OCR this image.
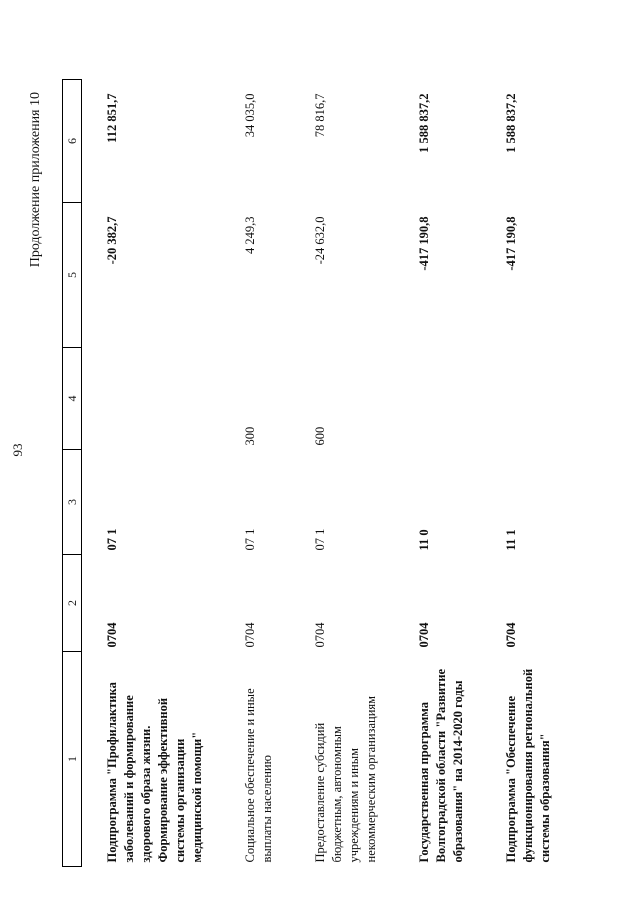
93
Продолжение приложения 10
1	2	3	4	5	6
Подпрограмма "Профилактика заболеваний и формирование здорового образа жизни. Формирование эффективной системы организации медицинской помощи"	0704	07 1		-20 382,7	112 851,7
Социальное обеспечение и иные выплаты населению	0704	07 1	300	4 249,3	34 035,0
Предоставление субсидий бюджетным, автономным учреждениям и иным некоммерческим организациям	0704	07 1	600	-24 632,0	78 816,7
Государственная программа Волгоградской области "Развитие образования" на 2014-2020 годы	0704	11 0		-417 190,8	1 588 837,2
Подпрограмма "Обеспечение функционирования региональной системы образования"	0704	11 1		-417 190,8	1 588 837,2
